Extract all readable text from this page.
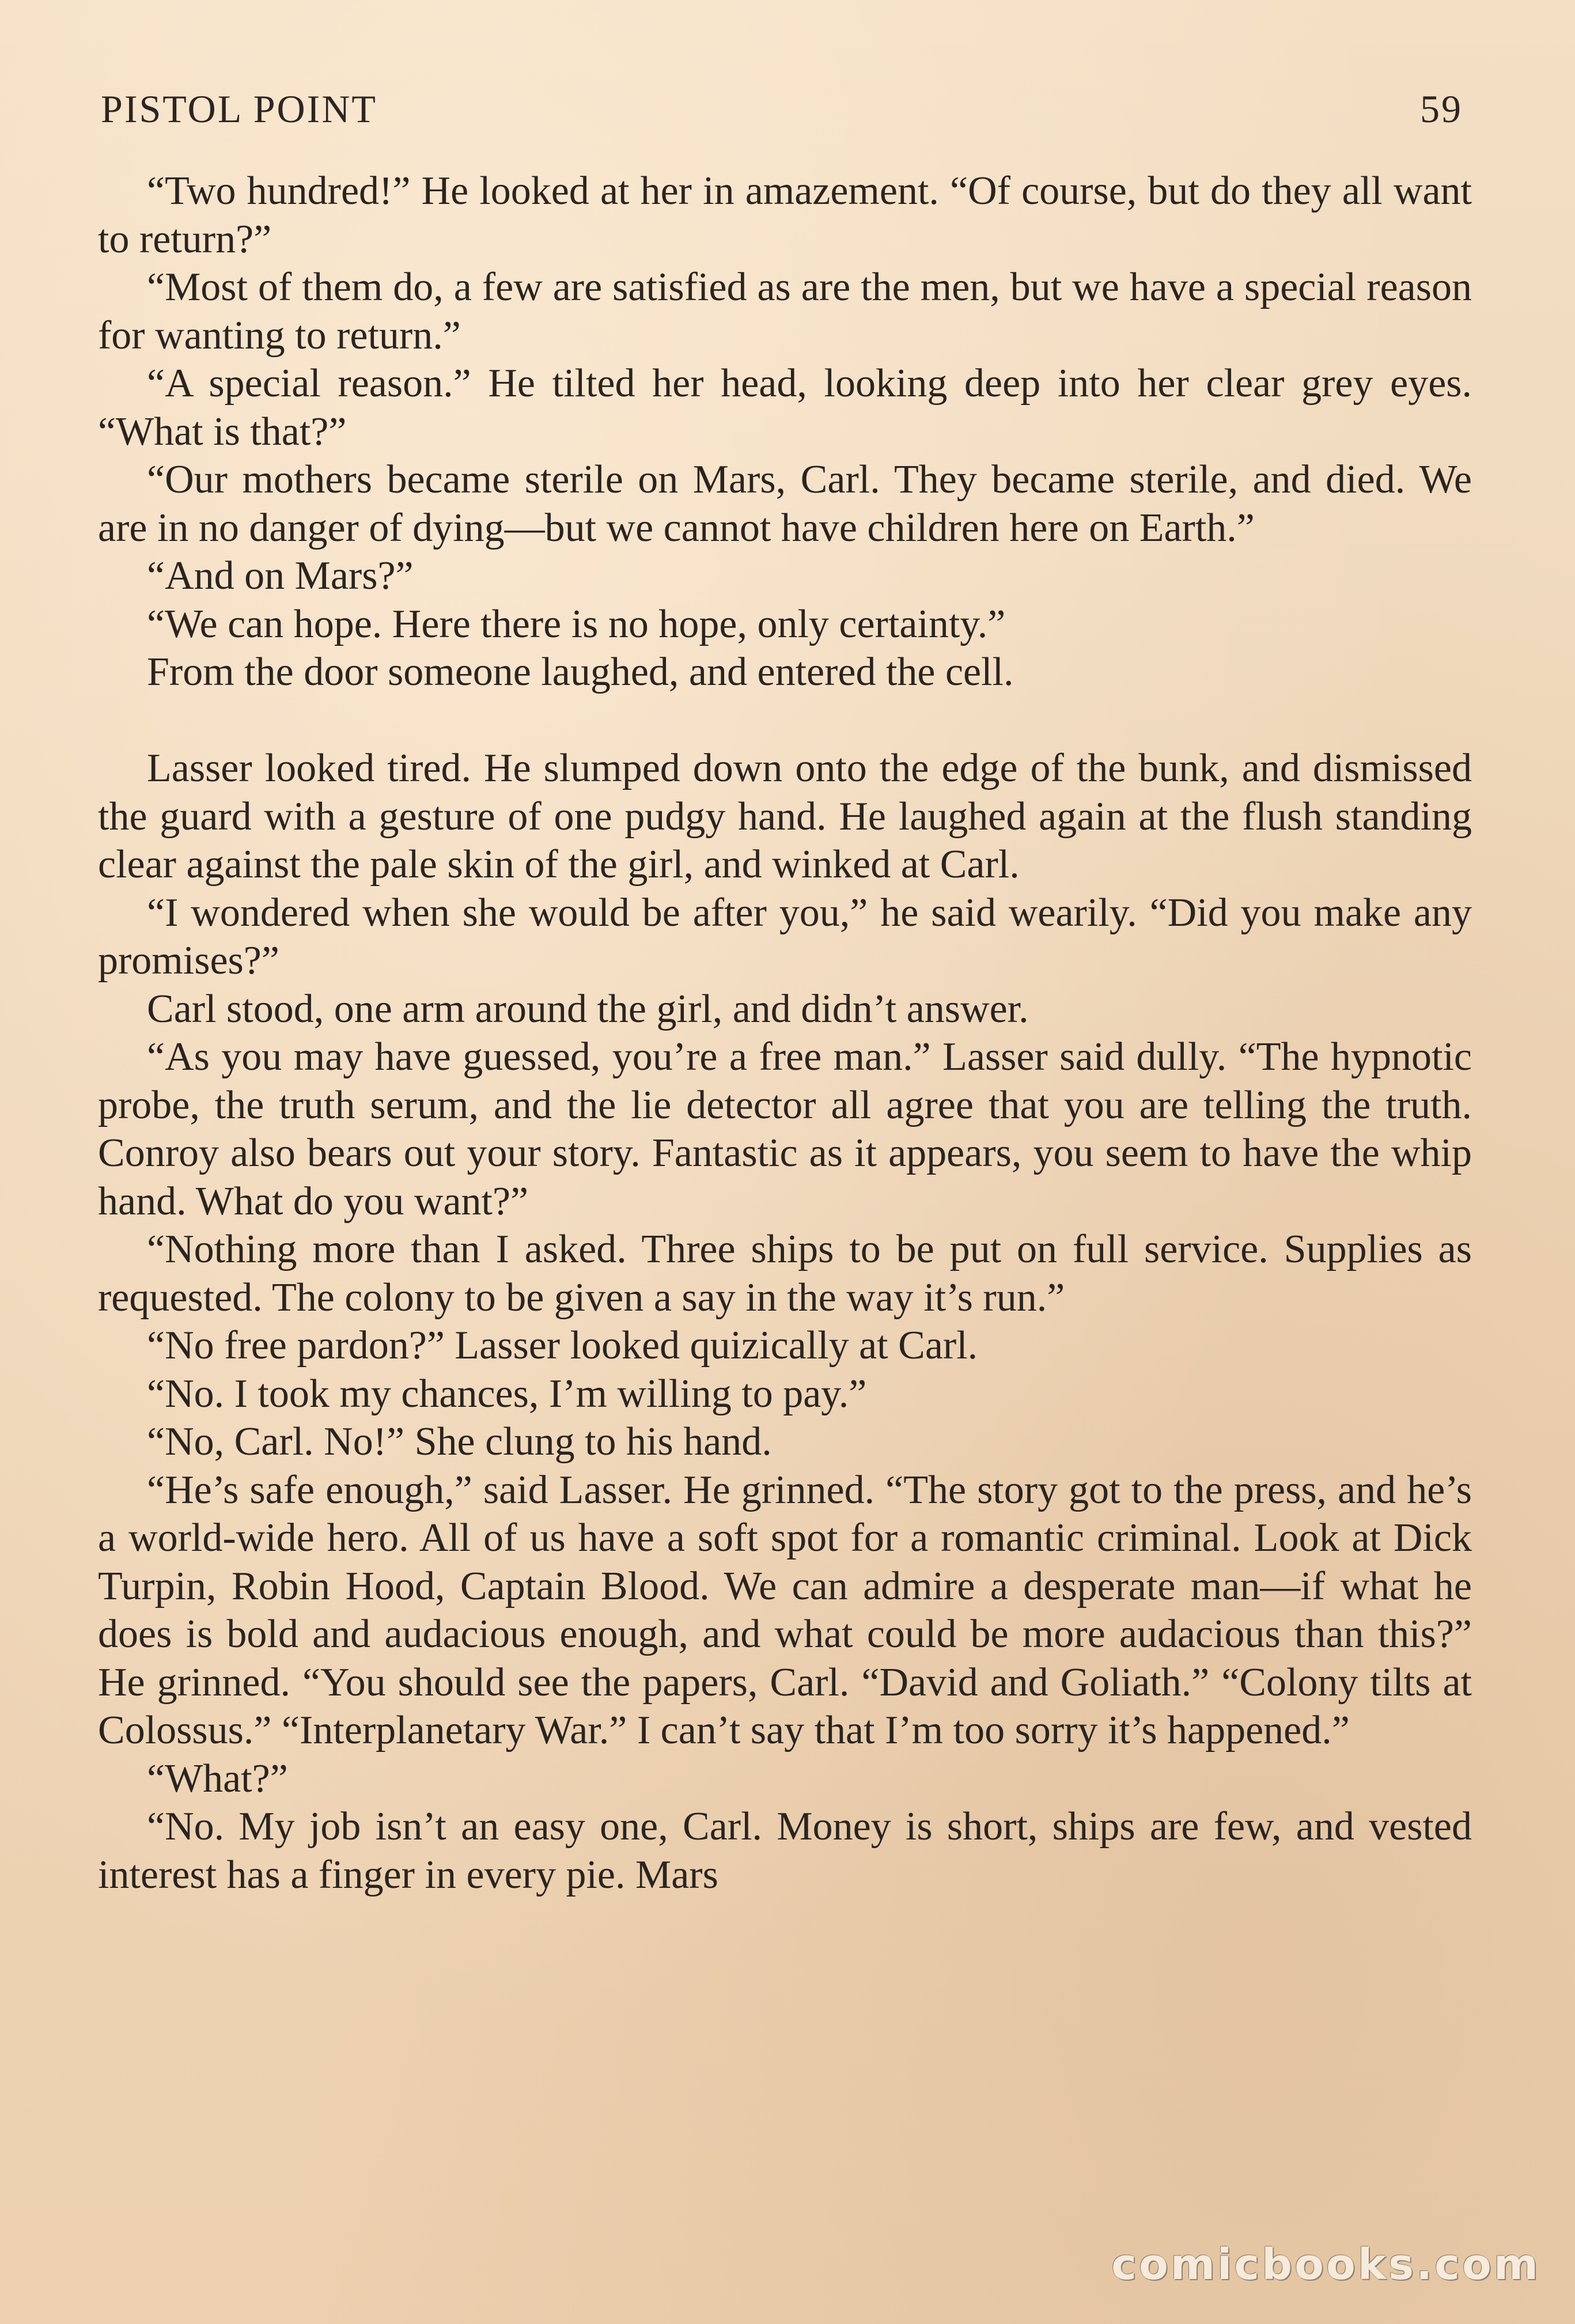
PISTOL POINT	59

“Two hundred!” He looked at her in amazement. “Of course, but do they all want to return?”

“Most of them do, a few are satisfied as are the men, but we have a special reason for wanting to return.”

“A special reason.” He tilted her head, looking deep into her clear grey eyes. “What is that?”

“Our mothers became sterile on Mars, Carl. They became sterile, and died. We are in no danger of dying—but we cannot have children here on Earth.”

“And on Mars?”

“We can hope. Here there is no hope, only certainty.”

From the door someone laughed, and entered the cell.

Lasser looked tired. He slumped down onto the edge of the bunk, and dismissed the guard with a gesture of one pudgy hand. He laughed again at the flush standing clear against the pale skin of the girl, and winked at Carl.

“I wondered when she would be after you,” he said wearily. “Did you make any promises?”

Carl stood, one arm around the girl, and didn’t answer.

“As you may have guessed, you’re a free man.” Lasser said dully. “The hypnotic probe, the truth serum, and the lie detector all agree that you are telling the truth. Conroy also bears out your story. Fantastic as it appears, you seem to have the whip hand. What do you want?”

“Nothing more than I asked. Three ships to be put on full service. Supplies as requested. The colony to be given a say in the way it’s run.”

“No free pardon?” Lasser looked quizically at Carl.

“No. I took my chances, I’m willing to pay.”

“No, Carl. No!” She clung to his hand.

“He’s safe enough,” said Lasser. He grinned. “The story got to the press, and he’s a world-wide hero. All of us have a soft spot for a romantic criminal. Look at Dick Turpin, Robin Hood, Captain Blood. We can admire a desperate man—if what he does is bold and audacious enough, and what could be more audacious than this?” He grinned. “You should see the papers, Carl. “David and Goliath.” “Colony tilts at Colossus.” “Interplanetary War.” I can’t say that I’m too sorry it’s happened.”

“What?”

“No. My job isn’t an easy one, Carl. Money is short, ships are few, and vested interest has a finger in every pie. Mars

comicbooks.com
